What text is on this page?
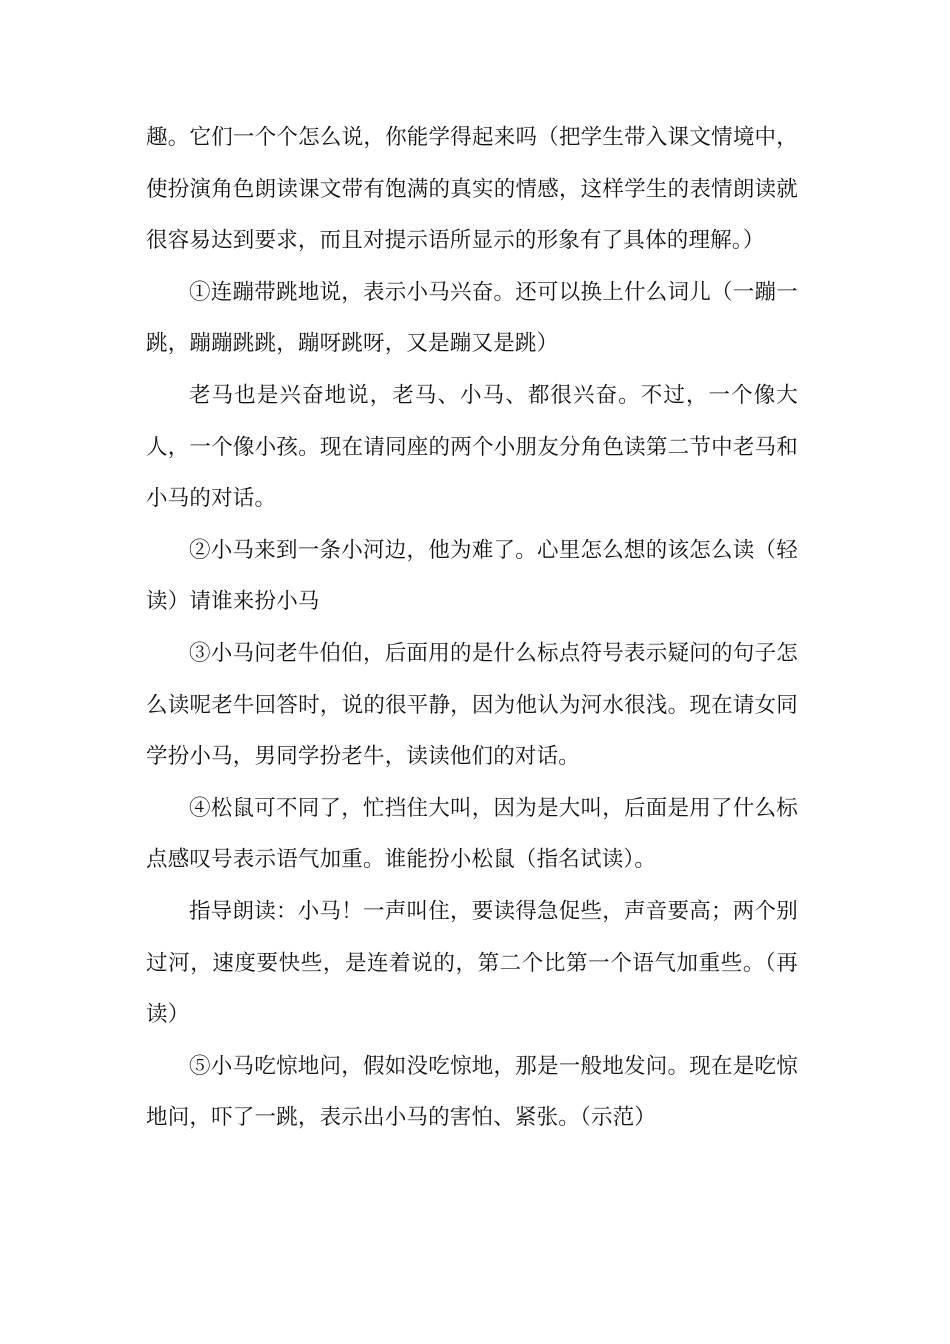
趣。它们一个个怎么说，你能学得起来吗（把学生带入课文情境中，使扮演角色朗读课文带有饱满的真实的情感，这样学生的表情朗读就很容易达到要求，而且对提示语所显示的形象有了具体的理解。）

①连蹦带跳地说，表示小马兴奋。还可以换上什么词儿（一蹦一跳，蹦蹦跳跳，蹦呀跳呀，又是蹦又是跳）

老马也是兴奋地说，老马、小马、都很兴奋。不过，一个像大人，一个像小孩。现在请同座的两个小朋友分角色读第二节中老马和小马的对话。

②小马来到一条小河边，他为难了。心里怎么想的该怎么读（轻读）请谁来扮小马

③小马问老牛伯伯，后面用的是什么标点符号表示疑问的句子怎么读呢老牛回答时，说的很平静，因为他认为河水很浅。现在请女同学扮小马，男同学扮老牛，读读他们的对话。

④松鼠可不同了，忙挡住大叫，因为是大叫，后面是用了什么标点感叹号表示语气加重。谁能扮小松鼠（指名试读）。

指导朗读：小马！一声叫住，要读得急促些，声音要高；两个别过河，速度要快些，是连着说的，第二个比第一个语气加重些。（再读）

⑤小马吃惊地问，假如没吃惊地，那是一般地发问。现在是吃惊地问，吓了一跳，表示出小马的害怕、紧张。（示范）
